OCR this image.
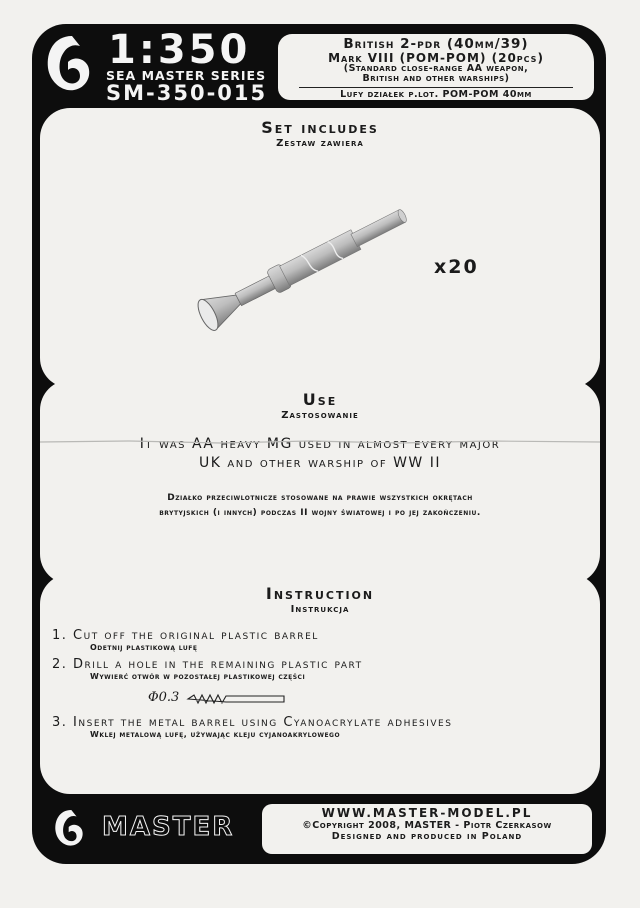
1:350
SEA MASTER SERIES
SM-350-015
British 2-pdr (40mm/39)
Mark VIII (POM-POM) (20pcs)
(Standard close-range AA weapon,
British and other warships)
Lufy działek p.lot. POM-POM 40mm
Set includes
Zestaw zawiera
x20
Use
Zastosowanie
It was AA heavy MG used in almost every major
UK and other warship of WW II
Działko przeciwlotnicze stosowane na prawie wszystkich okrętach
brytyjskich (i innych) podczas II wojny światowej i po jej zakończeniu.
Instruction
Instrukcja
1. Cut off the original plastic barrel
Odetnij plastikową lufę
2. Drill a hole in the remaining plastic part
Wywierć otwór w pozostałej plastikowej części
3. Insert the metal barrel using Cyanoacrylate adhesives
Wklej metalową lufę, używając kleju cyjanoakrylowego
Φ0.3
MASTER	WWW.MASTER-MODEL.PL
©Copyright 2008, MASTER - Piotr Czerkasow
Designed and produced in Poland
